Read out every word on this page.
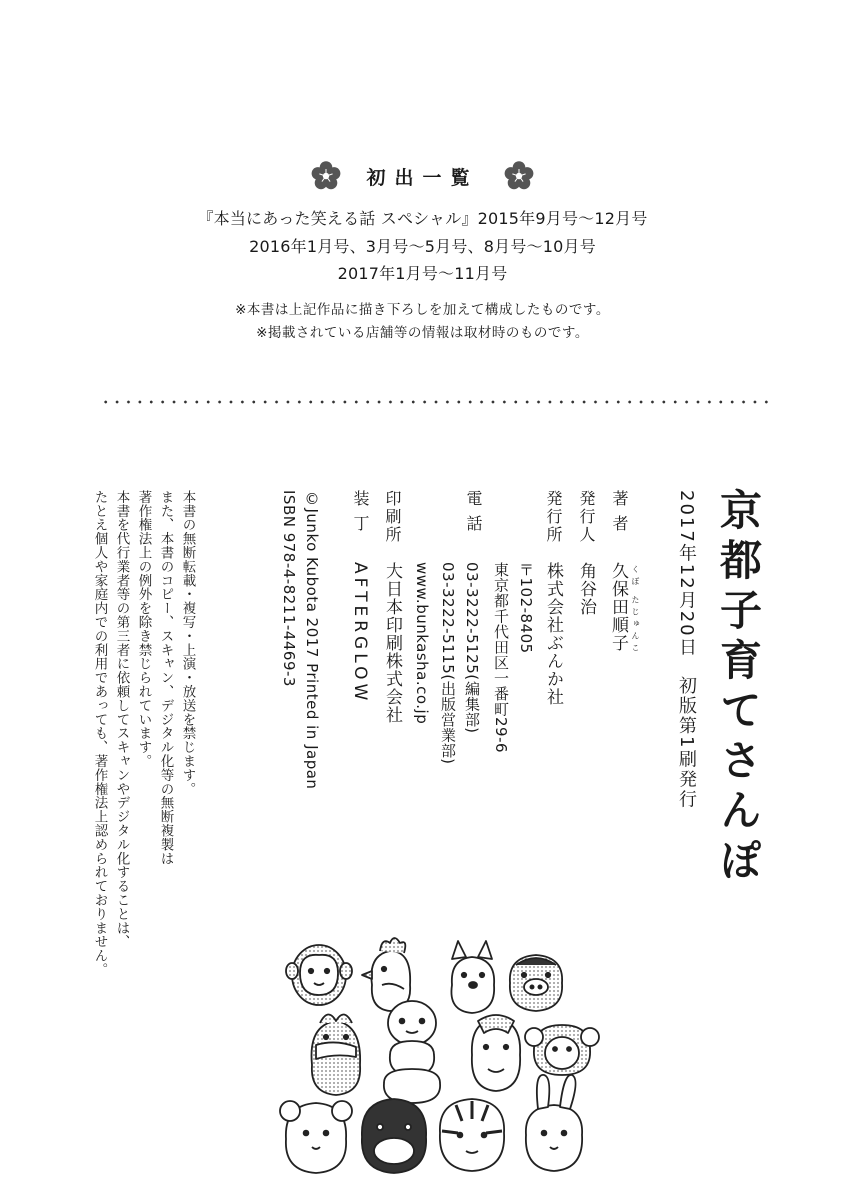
初出一覧
『本当にあった笑える話 スペシャル』2015年9月号〜12月号
2016年1月号、3月号〜5月号、8月号〜10月号
2017年1月号〜11月号
※本書は上記作品に描き下ろしを加えて構成したものです。
※掲載されている店舗等の情報は取材時のものです。
京都子育てさんぽ
2017年12月20日
初版第1刷発行
著 者
くぼ たじゅんこ
久保田順子
発行人
角谷治
発行所
株式会社ぶんか社
〒102-8405
東京都千代田区一番町29-6
電 話
03-3222-5125(編集部)
03-3222-5115(出版営業部)
www.bunkasha.co.jp
印刷所
大日本印刷株式会社
装 丁
AFTERGLOW
©Junko Kubota 2017 Printed in Japan
ISBN 978-4-8211-4469-3
本書の無断転載・複写・上演・放送を禁じます。
また、本書のコピー、スキャン、デジタル化等の無断複製は
著作権法上の例外を除き禁じられています。
本書を代行業者等の第三者に依頼してスキャンやデジタル化することは、
たとえ個人や家庭内での利用であっても、著作権法上認められておりません。
